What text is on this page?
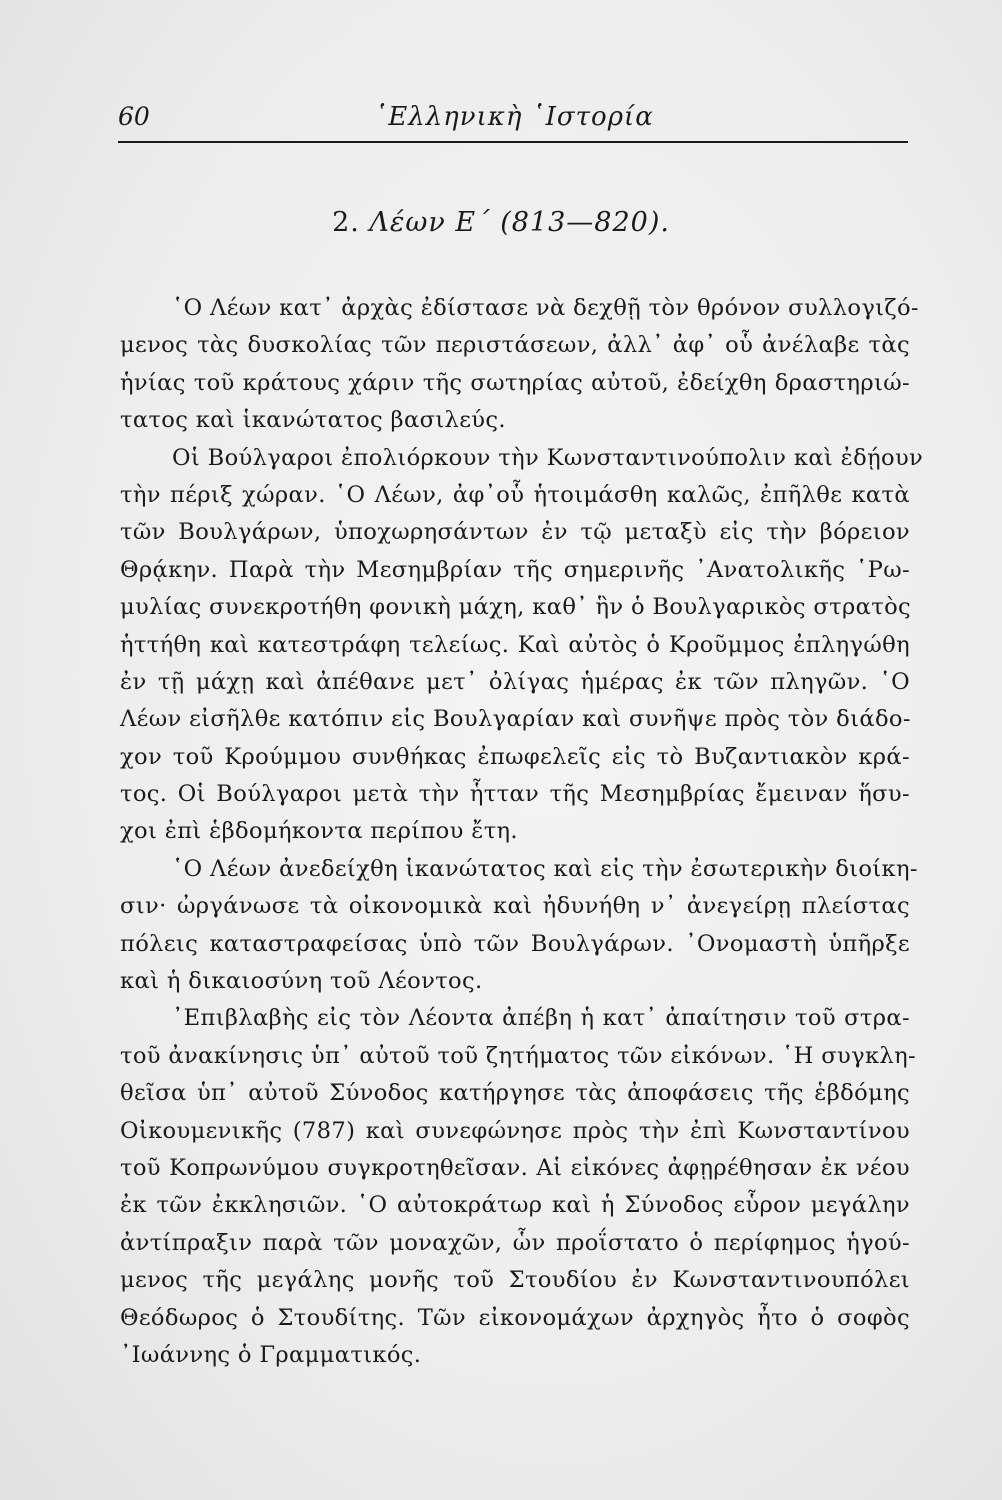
60	῾Ελληνικὴ ῾Ιστορία
2. Λέων Ε΄ (813—820).
῾Ο Λέων κατ᾽ ἀρχὰς ἐδίστασε νὰ δεχθῇ τὸν θρόνον συλλογιζό-
μενος τὰς δυσκολίας τῶν περιστάσεων, ἀλλ᾽ ἀφ᾽ οὗ ἀνέλαβε τὰς
ἡνίας τοῦ κράτους χάριν τῆς σωτηρίας αὐτοῦ, ἐδείχθη δραστηριώ-
τατος καὶ ἱκανώτατος βασιλεύς.
Οἱ Βούλγαροι ἐπολιόρκουν τὴν Κωνσταντινούπολιν καὶ ἐδῄουν
τὴν πέριξ χώραν. ῾Ο Λέων, ἀφ᾽οὗ ἡτοιμάσθη καλῶς, ἐπῆλθε κατὰ
τῶν Βουλγάρων, ὑποχωρησάντων ἐν τῷ μεταξὺ εἰς τὴν βόρειον
Θρᾴκην. Παρὰ τὴν Μεσημβρίαν τῆς σημερινῆς ᾿Ανατολικῆς ῾Ρω-
μυλίας συνεκροτήθη φονικὴ μάχη, καθ᾽ ἣν ὁ Βουλγαρικὸς στρατὸς
ἡττήθη καὶ κατεστράφη τελείως. Καὶ αὐτὸς ὁ Κροῦμμος ἐπληγώθη
ἐν τῇ μάχῃ καὶ ἀπέθανε μετ᾽ ὀλίγας ἡμέρας ἐκ τῶν πληγῶν. ῾Ο
Λέων εἰσῆλθε κατόπιν εἰς Βουλγαρίαν καὶ συνῆψε πρὸς τὸν διάδο-
χον τοῦ Κρούμμου συνθήκας ἐπωφελεῖς εἰς τὸ Βυζαντιακὸν κρά-
τος. Οἱ Βούλγαροι μετὰ τὴν ἧτταν τῆς Μεσημβρίας ἔμειναν ἥσυ-
χοι ἐπὶ ἑβδομήκοντα περίπου ἔτη.
῾Ο Λέων ἀνεδείχθη ἱκανώτατος καὶ εἰς τὴν ἐσωτερικὴν διοίκη-
σιν· ὠργάνωσε τὰ οἰκονομικὰ καὶ ἠδυνήθη ν᾽ ἀνεγείρῃ πλείστας
πόλεις καταστραφείσας ὑπὸ τῶν Βουλγάρων. ᾿Ονομαστὴ ὑπῆρξε
καὶ ἡ δικαιοσύνη τοῦ Λέοντος.
᾿Επιβλαβὴς εἰς τὸν Λέοντα ἀπέβη ἡ κατ᾽ ἀπαίτησιν τοῦ στρα-
τοῦ ἀνακίνησις ὑπ᾽ αὐτοῦ τοῦ ζητήματος τῶν εἰκόνων. ῾Η συγκλη-
θεῖσα ὑπ᾽ αὐτοῦ Σύνοδος κατήργησε τὰς ἀποφάσεις τῆς ἑβδόμης
Οἰκουμενικῆς (787) καὶ συνεφώνησε πρὸς τὴν ἐπὶ Κωνσταντίνου
τοῦ Κοπρωνύμου συγκροτηθεῖσαν. Αἱ εἰκόνες ἀφῃρέθησαν ἐκ νέου
ἐκ τῶν ἐκκλησιῶν. ῾Ο αὐτοκράτωρ καὶ ἡ Σύνοδος εὗρον μεγάλην
ἀντίπραξιν παρὰ τῶν μοναχῶν, ὧν προΐστατο ὁ περίφημος ἡγού-
μενος τῆς μεγάλης μονῆς τοῦ Στουδίου ἐν Κωνσταντινουπόλει
Θεόδωρος ὁ Στουδίτης. Τῶν εἰκονομάχων ἀρχηγὸς ἦτο ὁ σοφὸς
᾿Ιωάννης ὁ Γραμματικός.
